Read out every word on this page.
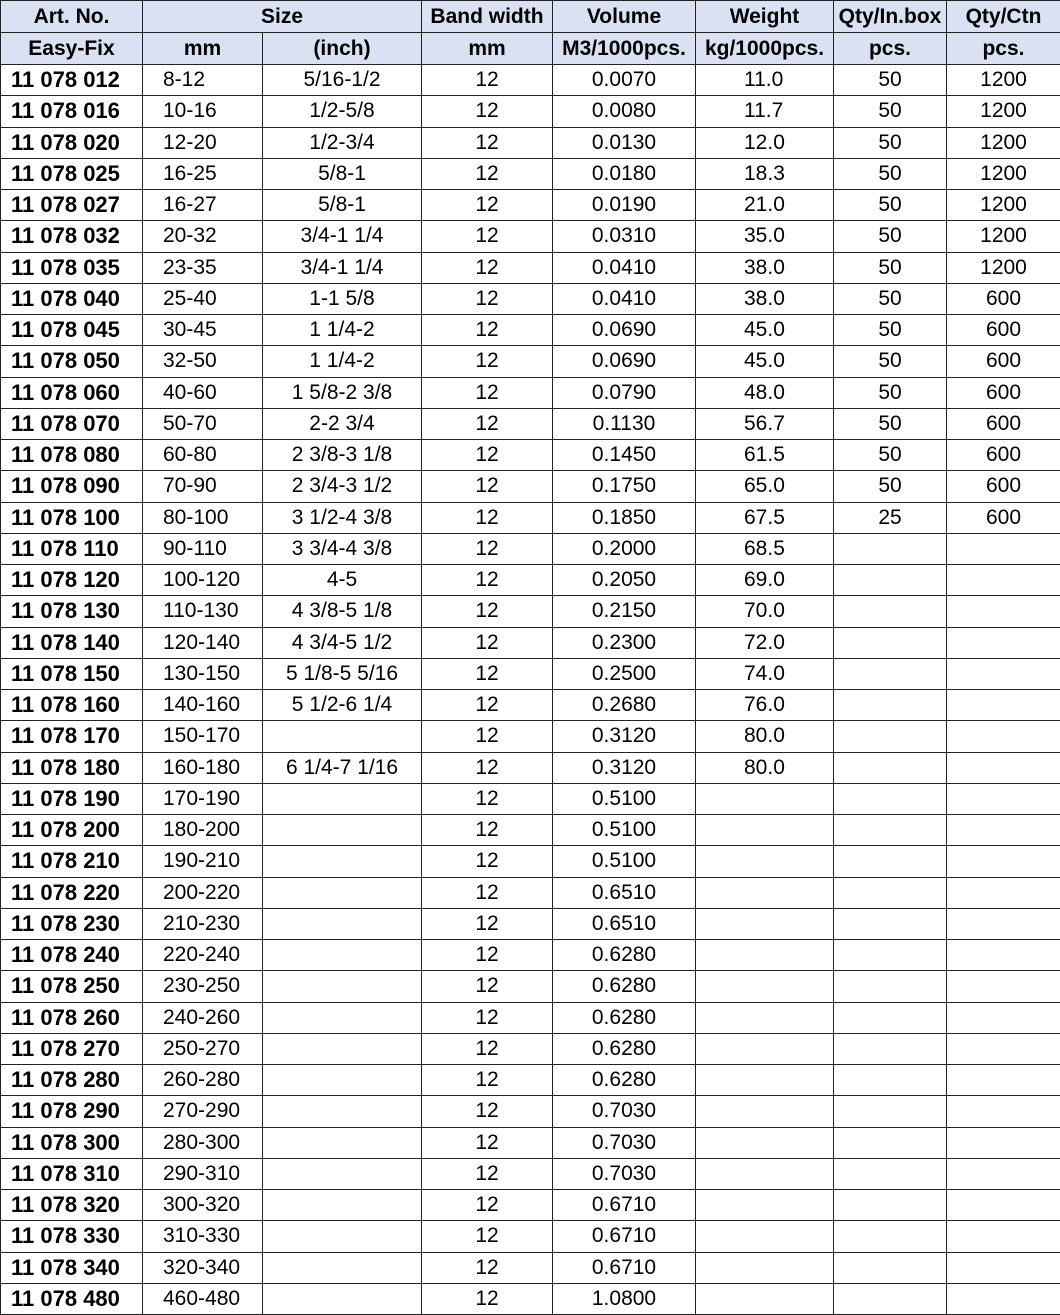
Art. No.	Size		Band width	Volume	Weight	Qty/In.box	Qty/Ctn
Easy-Fix	mm	(inch)	mm	M3/1000pcs.	kg/1000pcs.	pcs.	pcs.
11 078 012	8-12	5/16-1/2	12	0.0070	11.0	50	1200
11 078 016	10-16	1/2-5/8	12	0.0080	11.7	50	1200
11 078 020	12-20	1/2-3/4	12	0.0130	12.0	50	1200
11 078 025	16-25	5/8-1	12	0.0180	18.3	50	1200
11 078 027	16-27	5/8-1	12	0.0190	21.0	50	1200
11 078 032	20-32	3/4-1 1/4	12	0.0310	35.0	50	1200
11 078 035	23-35	3/4-1 1/4	12	0.0410	38.0	50	1200
11 078 040	25-40	1-1 5/8	12	0.0410	38.0	50	600
11 078 045	30-45	1 1/4-2	12	0.0690	45.0	50	600
11 078 050	32-50	1 1/4-2	12	0.0690	45.0	50	600
11 078 060	40-60	1 5/8-2 3/8	12	0.0790	48.0	50	600
11 078 070	50-70	2-2 3/4	12	0.1130	56.7	50	600
11 078 080	60-80	2 3/8-3 1/8	12	0.1450	61.5	50	600
11 078 090	70-90	2 3/4-3 1/2	12	0.1750	65.0	50	600
11 078 100	80-100	3 1/2-4 3/8	12	0.1850	67.5	25	600
11 078 110	90-110	3 3/4-4 3/8	12	0.2000	68.5		
11 078 120	100-120	4-5	12	0.2050	69.0		
11 078 130	110-130	4 3/8-5 1/8	12	0.2150	70.0		
11 078 140	120-140	4 3/4-5 1/2	12	0.2300	72.0		
11 078 150	130-150	5 1/8-5 5/16	12	0.2500	74.0		
11 078 160	140-160	5 1/2-6 1/4	12	0.2680	76.0		
11 078 170	150-170		12	0.3120	80.0		
11 078 180	160-180	6 1/4-7 1/16	12	0.3120	80.0		
11 078 190	170-190		12	0.5100			
11 078 200	180-200		12	0.5100			
11 078 210	190-210		12	0.5100			
11 078 220	200-220		12	0.6510			
11 078 230	210-230		12	0.6510			
11 078 240	220-240		12	0.6280			
11 078 250	230-250		12	0.6280			
11 078 260	240-260		12	0.6280			
11 078 270	250-270		12	0.6280			
11 078 280	260-280		12	0.6280			
11 078 290	270-290		12	0.7030			
11 078 300	280-300		12	0.7030			
11 078 310	290-310		12	0.7030			
11 078 320	300-320		12	0.6710			
11 078 330	310-330		12	0.6710			
11 078 340	320-340		12	0.6710			
11 078 480	460-480		12	1.0800			
